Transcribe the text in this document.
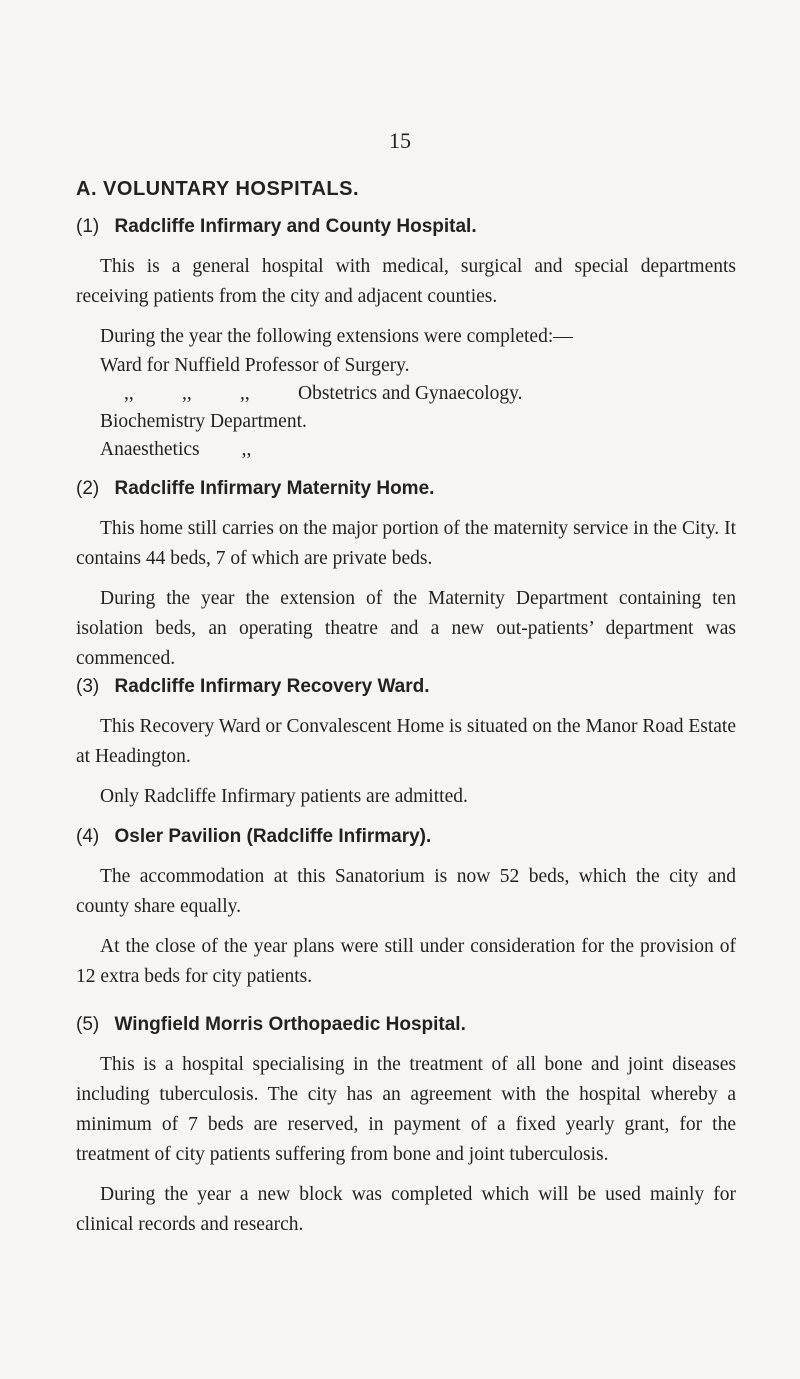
15
A. VOLUNTARY HOSPITALS.
(1) Radcliffe Infirmary and County Hospital.

This is a general hospital with medical, surgical and special departments receiving patients from the city and adjacent counties.

During the year the following extensions were completed:—

Ward for Nuffield Professor of Surgery.
,, ,, ,, Obstetrics and Gynaecology.
Biochemistry Department.
Anaesthetics ,,
(2) Radcliffe Infirmary Maternity Home.

This home still carries on the major portion of the maternity service in the City. It contains 44 beds, 7 of which are private beds.

During the year the extension of the Maternity Department containing ten isolation beds, an operating theatre and a new out-patients’ department was commenced.

(3) Radcliffe Infirmary Recovery Ward.

This Recovery Ward or Convalescent Home is situated on the Manor Road Estate at Headington.

Only Radcliffe Infirmary patients are admitted.

(4) Osler Pavilion (Radcliffe Infirmary).

The accommodation at this Sanatorium is now 52 beds, which the city and county share equally.

At the close of the year plans were still under consideration for the provision of 12 extra beds for city patients.

(5) Wingfield Morris Orthopaedic Hospital.

This is a hospital specialising in the treatment of all bone and joint diseases including tuberculosis. The city has an agreement with the hospital whereby a minimum of 7 beds are reserved, in payment of a fixed yearly grant, for the treatment of city patients suffering from bone and joint tuberculosis.

During the year a new block was completed which will be used mainly for clinical records and research.
